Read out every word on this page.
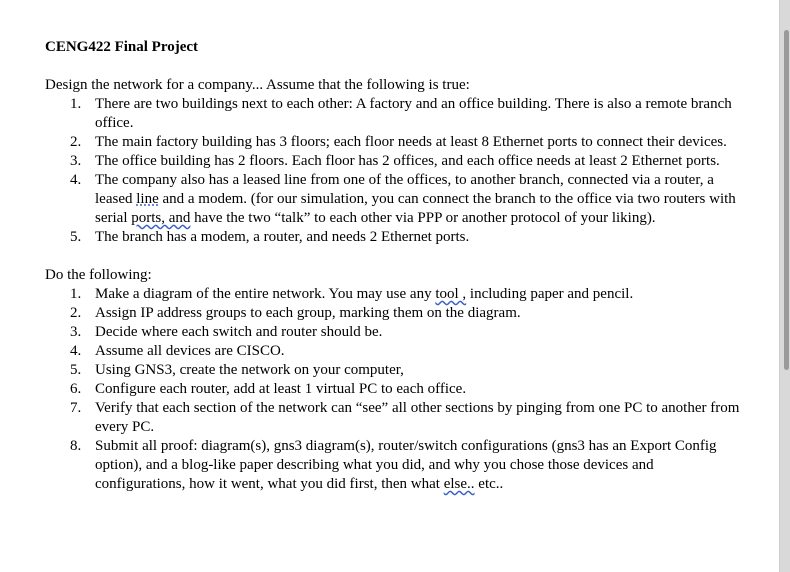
CENG422 Final Project

Design the network for a company... Assume that the following is true:

1. There are two buildings next to each other: A factory and an office building. There is also a remote branch office.
2. The main factory building has 3 floors; each floor needs at least 8 Ethernet ports to connect their devices.
3. The office building has 2 floors. Each floor has 2 offices, and each office needs at least 2 Ethernet ports.
4. The company also has a leased line from one of the offices, to another branch, connected via a router, a leased line and a modem. (for our simulation, you can connect the branch to the office via two routers with serial ports, and have the two “talk” to each other via PPP or another protocol of your liking).
5. The branch has a modem, a router, and needs 2 Ethernet ports.

Do the following:

1. Make a diagram of the entire network. You may use any tool , including paper and pencil.
2. Assign IP address groups to each group, marking them on the diagram.
3. Decide where each switch and router should be.
4. Assume all devices are CISCO.
5. Using GNS3, create the network on your computer,
6. Configure each router, add at least 1 virtual PC to each office.
7. Verify that each section of the network can “see” all other sections by pinging from one PC to another from every PC.
8. Submit all proof: diagram(s), gns3 diagram(s), router/switch configurations (gns3 has an Export Config option), and a blog-like paper describing what you did, and why you chose those devices and configurations, how it went, what you did first, then what else.. etc..
